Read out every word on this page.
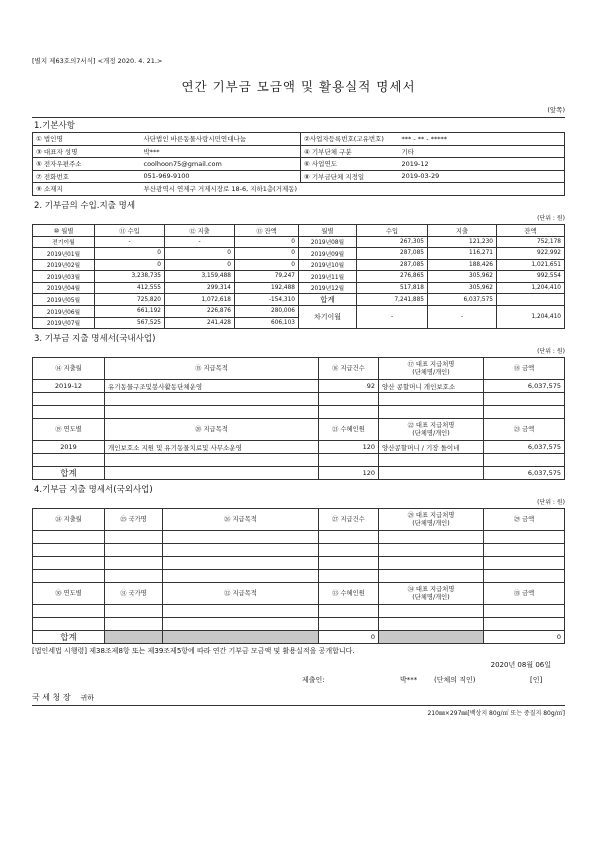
[별지 제63호의7서식] <개정 2020. 4. 21.>
연간 기부금 모금액 및 활용실적 명세서
(앞쪽)
1.기본사항
① 법인명	사단법인 바른동물사랑시민연대나눔	②사업자등록번호(고유번호)	*** - ** - *****
③ 대표자 성명	박***	④ 기부단체 구분	기타
⑤ 전자우편주소	coolhoon75@gmail.com	⑥ 사업연도	2019-12
⑦ 전화번호	051-969-9100	⑧ 기부금단체 지정일	2019-03-29
⑨ 소재지	부산광역시 연제구 거제시장로 18-6, 지하1층(거제동)		
2. 기부금의 수입.지출 명세
(단위 : 원)
⑩ 월별	⑪ 수입	⑫ 지출	⑬ 잔액	월별	수입	지출	잔액
전기이월	-	-	0	2019년08월	267,305	121,230	752,178
2019년01월	0	0	0	2019년09월	287,085	116,271	922,992
2019년02월	0	0	0	2019년10월	287,085	188,426	1,021,651
2019년03월	3,238,735	3,159,488	79,247	2019년11월	276,865	305,962	992,554
2019년04월	412,555	299,314	192,488	2019년12월	517,818	305,962	1,204,410
2019년05월	725,820	1,072,618	-154,310	합계	7,241,885	6,037,575	
2019년06월	661,192	226,876	280,006	차기이월	-	-	1,204,410
2019년07월	567,525	241,428	606,103				
3. 기부금 지출 명세서(국내사업)
(단위 : 원)
⑭ 지출월	⑮ 지급목적	⑯ 지급건수	⑰ 대표 지급처명
(단체명/개인)	⑱ 금액
2019-12	유기동물구조및봉사활동단체운영	92	양산 콩할머니 개인보호소	6,037,575

⑲ 연도별	⑳ 지급목적	㉑ 수혜인원	㉒ 대표 지급처명
(단체명/개인)	㉓ 금액
2019	개인보호소 지원 및 유기동물치료및 사무소운영	120	양산콩할머니 / 기장 돌이네	6,037,575

합계		120		6,037,575
4.기부금 지출 명세서(국외사업)
(단위 : 원)
㉔ 지출월	㉕ 국가명	㉖ 지급목적	㉗ 지급건수	㉘ 대표 지급처명
(단체명/개인)	㉙ 금액

㉚ 연도별	㉛ 국가명	㉜ 지급목적	㉝ 수혜인원	㉞ 대표 지급처명
(단체명/개인)	㉟ 금액

합계			0		0
[법인세법 시행령] 제38조제8항 또는 제39조제5항에 따라 연간 기부금 모금액 및 활용실적을 공개합니다.
2020년 08월 06일
제출인:	박*** (단체의 직인)	[인]
국 세 청 장 귀하
210㎜×297㎜[백상지 80g/㎡ 또는 중질지 80g/㎡]
